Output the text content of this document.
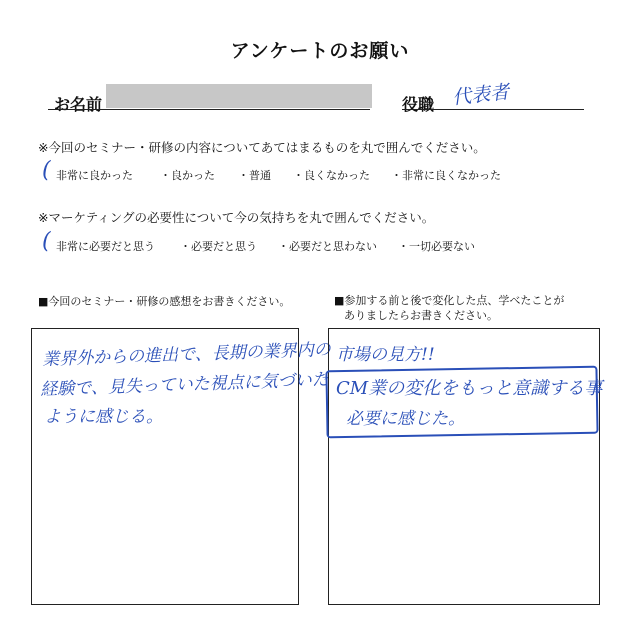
アンケートのお願い
お名前	役職 代表者
※今回のセミナー・研修の内容についてあてはまるものを丸で囲んでください。
( 非常に良かった	・ 良かった	・ 普通	・ 良くなかった	・ 非常に良くなかった
※マーケティングの必要性について今の気持ちを丸で囲んでください。
( 非常に必要だと思う	・ 必要だと思う	・ 必要だと思わない	・ 一切必要ない
■今回のセミナー・研修の感想をお書きください。	■参加する前と後で変化した点、学べたことが
ありましたらお書きください。
業界外からの進出で、長期の業界内の
経験で、見失っていた視点に気づいた
ように感じる。
市場の見方!!
CM業の変化をもっと意識する事
必要に感じた。
